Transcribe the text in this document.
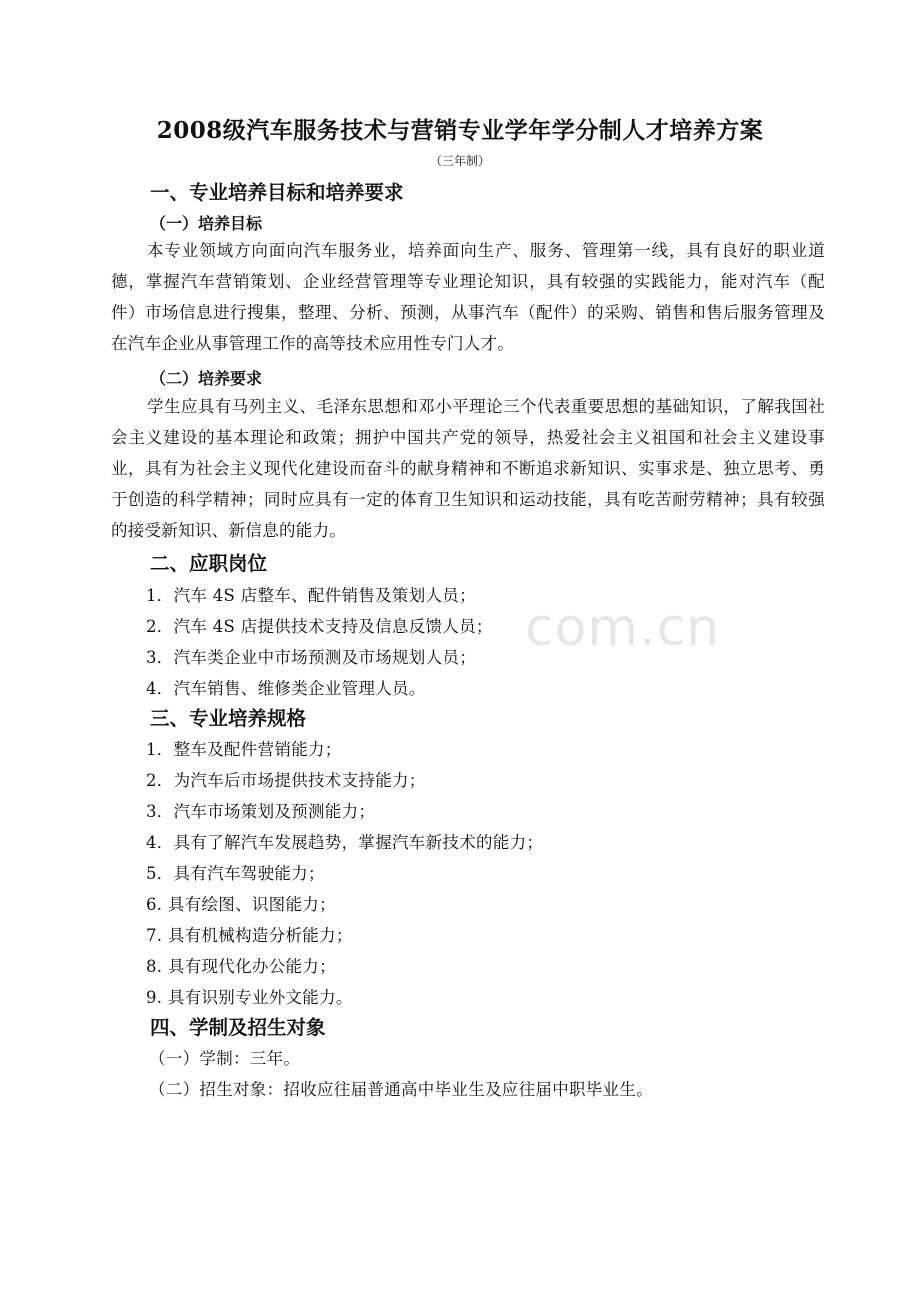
com.cn
2008级汽车服务技术与营销专业学年学分制人才培养方案
（三年制）
一、专业培养目标和培养要求
（一）培养目标
本专业领域方向面向汽车服务业，培养面向生产、服务、管理第一线，具有良好的职业道德，掌握汽车营销策划、企业经营管理等专业理论知识，具有较强的实践能力，能对汽车（配件）市场信息进行搜集，整理、分析、预测，从事汽车（配件）的采购、销售和售后服务管理及在汽车企业从事管理工作的高等技术应用性专门人才。
（二）培养要求
学生应具有马列主义、毛泽东思想和邓小平理论三个代表重要思想的基础知识，了解我国社会主义建设的基本理论和政策；拥护中国共产党的领导，热爱社会主义祖国和社会主义建设事业，具有为社会主义现代化建设而奋斗的献身精神和不断追求新知识、实事求是、独立思考、勇于创造的科学精神；同时应具有一定的体育卫生知识和运动技能，具有吃苦耐劳精神；具有较强的接受新知识、新信息的能力。
二、应职岗位
1．汽车 4S 店整车、配件销售及策划人员；
2．汽车 4S 店提供技术支持及信息反馈人员；
3．汽车类企业中市场预测及市场规划人员；
4．汽车销售、维修类企业管理人员。
三、专业培养规格
1．整车及配件营销能力；
2．为汽车后市场提供技术支持能力；
3．汽车市场策划及预测能力；
4．具有了解汽车发展趋势，掌握汽车新技术的能力；
5．具有汽车驾驶能力；
6. 具有绘图、识图能力；
7. 具有机械构造分析能力；
8. 具有现代化办公能力；
9. 具有识别专业外文能力。
四、学制及招生对象
（一）学制：三年。
（二）招生对象：招收应往届普通高中毕业生及应往届中职毕业生。
